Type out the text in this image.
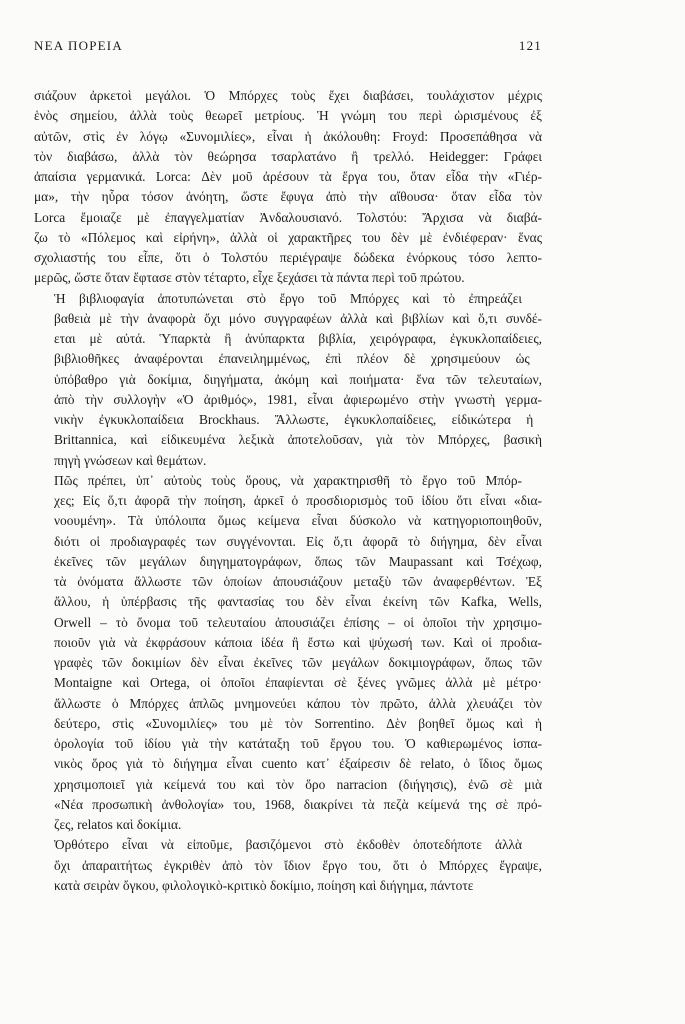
ΝΕΑ ΠΟΡΕΙΑ	121

σιάζουν ἀρκετοὶ μεγάλοι. Ὁ Μπόρχες τοὺς ἔχει διαβάσει, τουλάχιστον μέχρις
ἑνὸς σημείου, ἀλλὰ τοὺς θεωρεῖ μετρίους. Ἡ γνώμη του περὶ ὡρισμένους ἐξ
αὐτῶν, στὶς ἐν λόγῳ «Συνομιλίες», εἶναι ἡ ἀκόλουθη: Froyd: Προσεπάθησα νὰ
τὸν διαβάσω, ἀλλὰ τὸν θεώρησα τσαρλατάνο ἢ τρελλό. Heidegger: Γράφει
ἀπαίσια γερμανικά. Lorca: Δὲν μοῦ ἀρέσουν τὰ ἔργα του, ὅταν εἶδα τὴν «Γιέρ-
μα», τὴν ηὗρα τόσον ἀνόητη, ὥστε ἔφυγα ἀπὸ τὴν αἴθουσα· ὅταν εἶδα τὸν
Lorca ἔμοιαζε μὲ ἐπαγγελματίαν Ἀνδαλουσιανό. Τολστόυ: Ἄρχισα νὰ διαβά-
ζω τὸ «Πόλεμος καὶ εἰρήνη», ἀλλὰ οἱ χαρακτῆρες του δὲν μὲ ἐνδιέφεραν· ἕνας
σχολιαστής του εἶπε, ὅτι ὁ Τολστόυ περιέγραψε δώδεκα ἐνόρκους τόσο λεπτο-
μερῶς, ὥστε ὅταν ἔφτασε στὸν τέταρτο, εἶχε ξεχάσει τὰ πάντα περὶ τοῦ πρώτου.

Ἡ βιβλιοφαγία ἀποτυπώνεται στὸ ἔργο τοῦ Μπόρχες καὶ τὸ ἐπηρεάζει
βαθειὰ μὲ τὴν ἀναφορὰ ὄχι μόνο συγγραφέων ἀλλὰ καὶ βιβλίων καὶ ὅ,τι συνδέ-
εται μὲ αὐτά. Ὑπαρκτὰ ἢ ἀνύπαρκτα βιβλία, χειρόγραφα, ἐγκυκλοπαίδειες,
βιβλιοθῆκες ἀναφέρονται ἐπανειλημμένως, ἐπὶ πλέον δὲ χρησιμεύουν ὡς
ὑπόβαθρο γιὰ δοκίμια, διηγήματα, ἀκόμη καὶ ποιήματα· ἕνα τῶν τελευταίων,
ἀπὸ τὴν συλλογὴν «Ὁ ἀριθμός», 1981, εἶναι ἀφιερωμένο στὴν γνωστὴ γερμα-
νικὴν ἐγκυκλοπαίδεια Brockhaus. Ἄλλωστε, ἐγκυκλοπαίδειες, εἰδικώτερα ἡ
Brittannica, καὶ εἰδικευμένα λεξικὰ ἀποτελοῦσαν, γιὰ τὸν Μπόρχες, βασικὴ
πηγὴ γνώσεων καὶ θεμάτων.

Πῶς πρέπει, ὑπ᾿ αὐτοὺς τοὺς ὅρους, νὰ χαρακτηρισθῆ τὸ ἔργο τοῦ Μπόρ-
χες; Εἰς ὅ,τι ἀφορᾶ τὴν ποίηση, ἀρκεῖ ὁ προσδιορισμὸς τοῦ ἰδίου ὅτι εἶναι «δια-
νοουμένη». Τὰ ὑπόλοιπα ὅμως κείμενα εἶναι δύσκολο νὰ κατηγοριοποιηθοῦν,
διότι οἱ προδιαγραφές των συγγένονται. Εἰς ὅ,τι ἀφορᾶ τὸ διήγημα, δὲν εἶναι
ἐκεῖνες τῶν μεγάλων διηγηματογράφων, ὅπως τῶν Maupassant καὶ Τσέχωφ,
τὰ ὀνόματα ἄλλωστε τῶν ὁποίων ἀπουσιάζουν μεταξὺ τῶν ἀναφερθέντων. Ἐξ
ἄλλου, ἡ ὑπέρβασις τῆς φαντασίας του δὲν εἶναι ἐκείνη τῶν Kafka, Wells,
Orwell – τὸ ὄνομα τοῦ τελευταίου ἀπουσιάζει ἐπίσης – οἱ ὁποῖοι τὴν χρησιμο-
ποιοῦν γιὰ νὰ ἐκφράσουν κάποια ἰδέα ἢ ἔστω καὶ ψύχωσή των. Καὶ οἱ προδια-
γραφὲς τῶν δοκιμίων δὲν εἶναι ἐκεῖνες τῶν μεγάλων δοκιμιογράφων, ὅπως τῶν
Montaigne καὶ Ortega, οἱ ὁποῖοι ἐπαφίενται σὲ ξένες γνῶμες ἀλλὰ μὲ μέτρο·
ἄλλωστε ὁ Μπόρχες ἁπλῶς μνημονεύει κάπου τὸν πρῶτο, ἀλλὰ χλευάζει τὸν
δεύτερο, στὶς «Συνομιλίες» του μὲ τὸν Sorrentino. Δὲν βοηθεῖ ὅμως καὶ ἡ
ὁρολογία τοῦ ἰδίου γιὰ τὴν κατάταξη τοῦ ἔργου του. Ὁ καθιερωμένος ἱσπα-
νικὸς ὅρος γιὰ τὸ διήγημα εἶναι cuento κατ᾿ ἐξαίρεσιν δὲ relato, ὁ ἴδιος ὅμως
χρησιμοποιεῖ γιὰ κείμενά του καὶ τὸν ὅρο narracion (διήγησις), ἐνῶ σὲ μιὰ
«Νέα προσωπικὴ ἀνθολογία» του, 1968, διακρίνει τὰ πεζὰ κείμενά της σὲ πρό-
ζες, relatos καὶ δοκίμια.

Ὀρθότερο εἶναι νὰ εἰποῦμε, βασιζόμενοι στὸ ἐκδοθὲν ὁποτεδήποτε ἀλλὰ
ὄχι ἀπαραιτήτως ἐγκριθὲν ἀπὸ τὸν ἴδιον ἔργο του, ὅτι ὁ Μπόρχες ἔγραψε,
κατὰ σειρὰν ὄγκου, φιλολογικὸ-κριτικὸ δοκίμιο, ποίηση καὶ διήγημα, πάντοτε
